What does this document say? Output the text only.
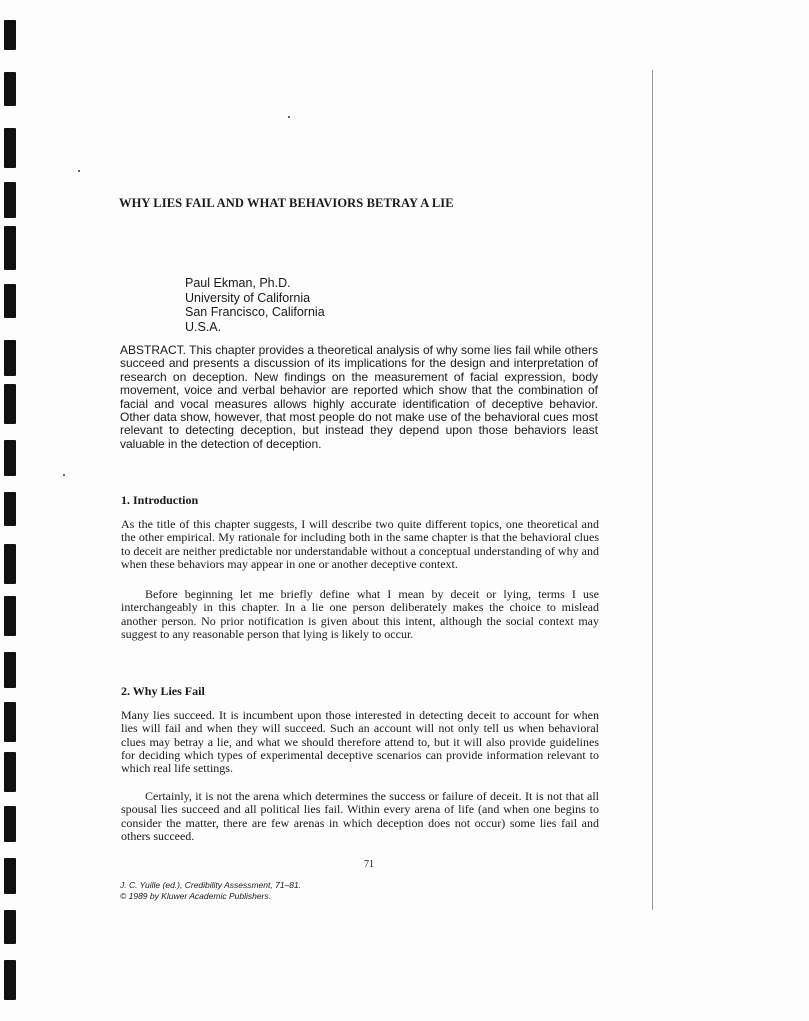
WHY LIES FAIL AND WHAT BEHAVIORS BETRAY A LIE
Paul Ekman, Ph.D.
University of California
San Francisco, California
U.S.A.

ABSTRACT. This chapter provides a theoretical analysis of why some lies fail while others succeed and presents a discussion of its implications for the design and interpretation of research on deception. New findings on the measurement of facial expression, body movement, voice and verbal behavior are reported which show that the combination of facial and vocal measures allows highly accurate identification of deceptive behavior. Other data show, however, that most people do not make use of the behavioral cues most relevant to detecting deception, but instead they depend upon those behaviors least valuable in the detection of deception.

1. Introduction

As the title of this chapter suggests, I will describe two quite different topics, one theoretical and the other empirical. My rationale for including both in the same chapter is that the behavioral clues to deceit are neither predictable nor understandable without a conceptual understanding of why and when these behaviors may appear in one or another deceptive context.

Before beginning let me briefly define what I mean by deceit or lying, terms I use interchangeably in this chapter. In a lie one person deliberately makes the choice to mislead another person. No prior notification is given about this intent, although the social context may suggest to any reasonable person that lying is likely to occur.

2. Why Lies Fail

Many lies succeed. It is incumbent upon those interested in detecting deceit to account for when lies will fail and when they will succeed. Such an account will not only tell us when behavioral clues may betray a lie, and what we should therefore attend to, but it will also provide guidelines for deciding which types of experimental deceptive scenarios can provide information relevant to which real life settings.

Certainly, it is not the arena which determines the success or failure of deceit. It is not that all spousal lies succeed and all political lies fail. Within every arena of life (and when one begins to consider the matter, there are few arenas in which deception does not occur) some lies fail and others succeed.

71
J. C. Yuille (ed.), Credibility Assessment, 71–81.
© 1989 by Kluwer Academic Publishers.
